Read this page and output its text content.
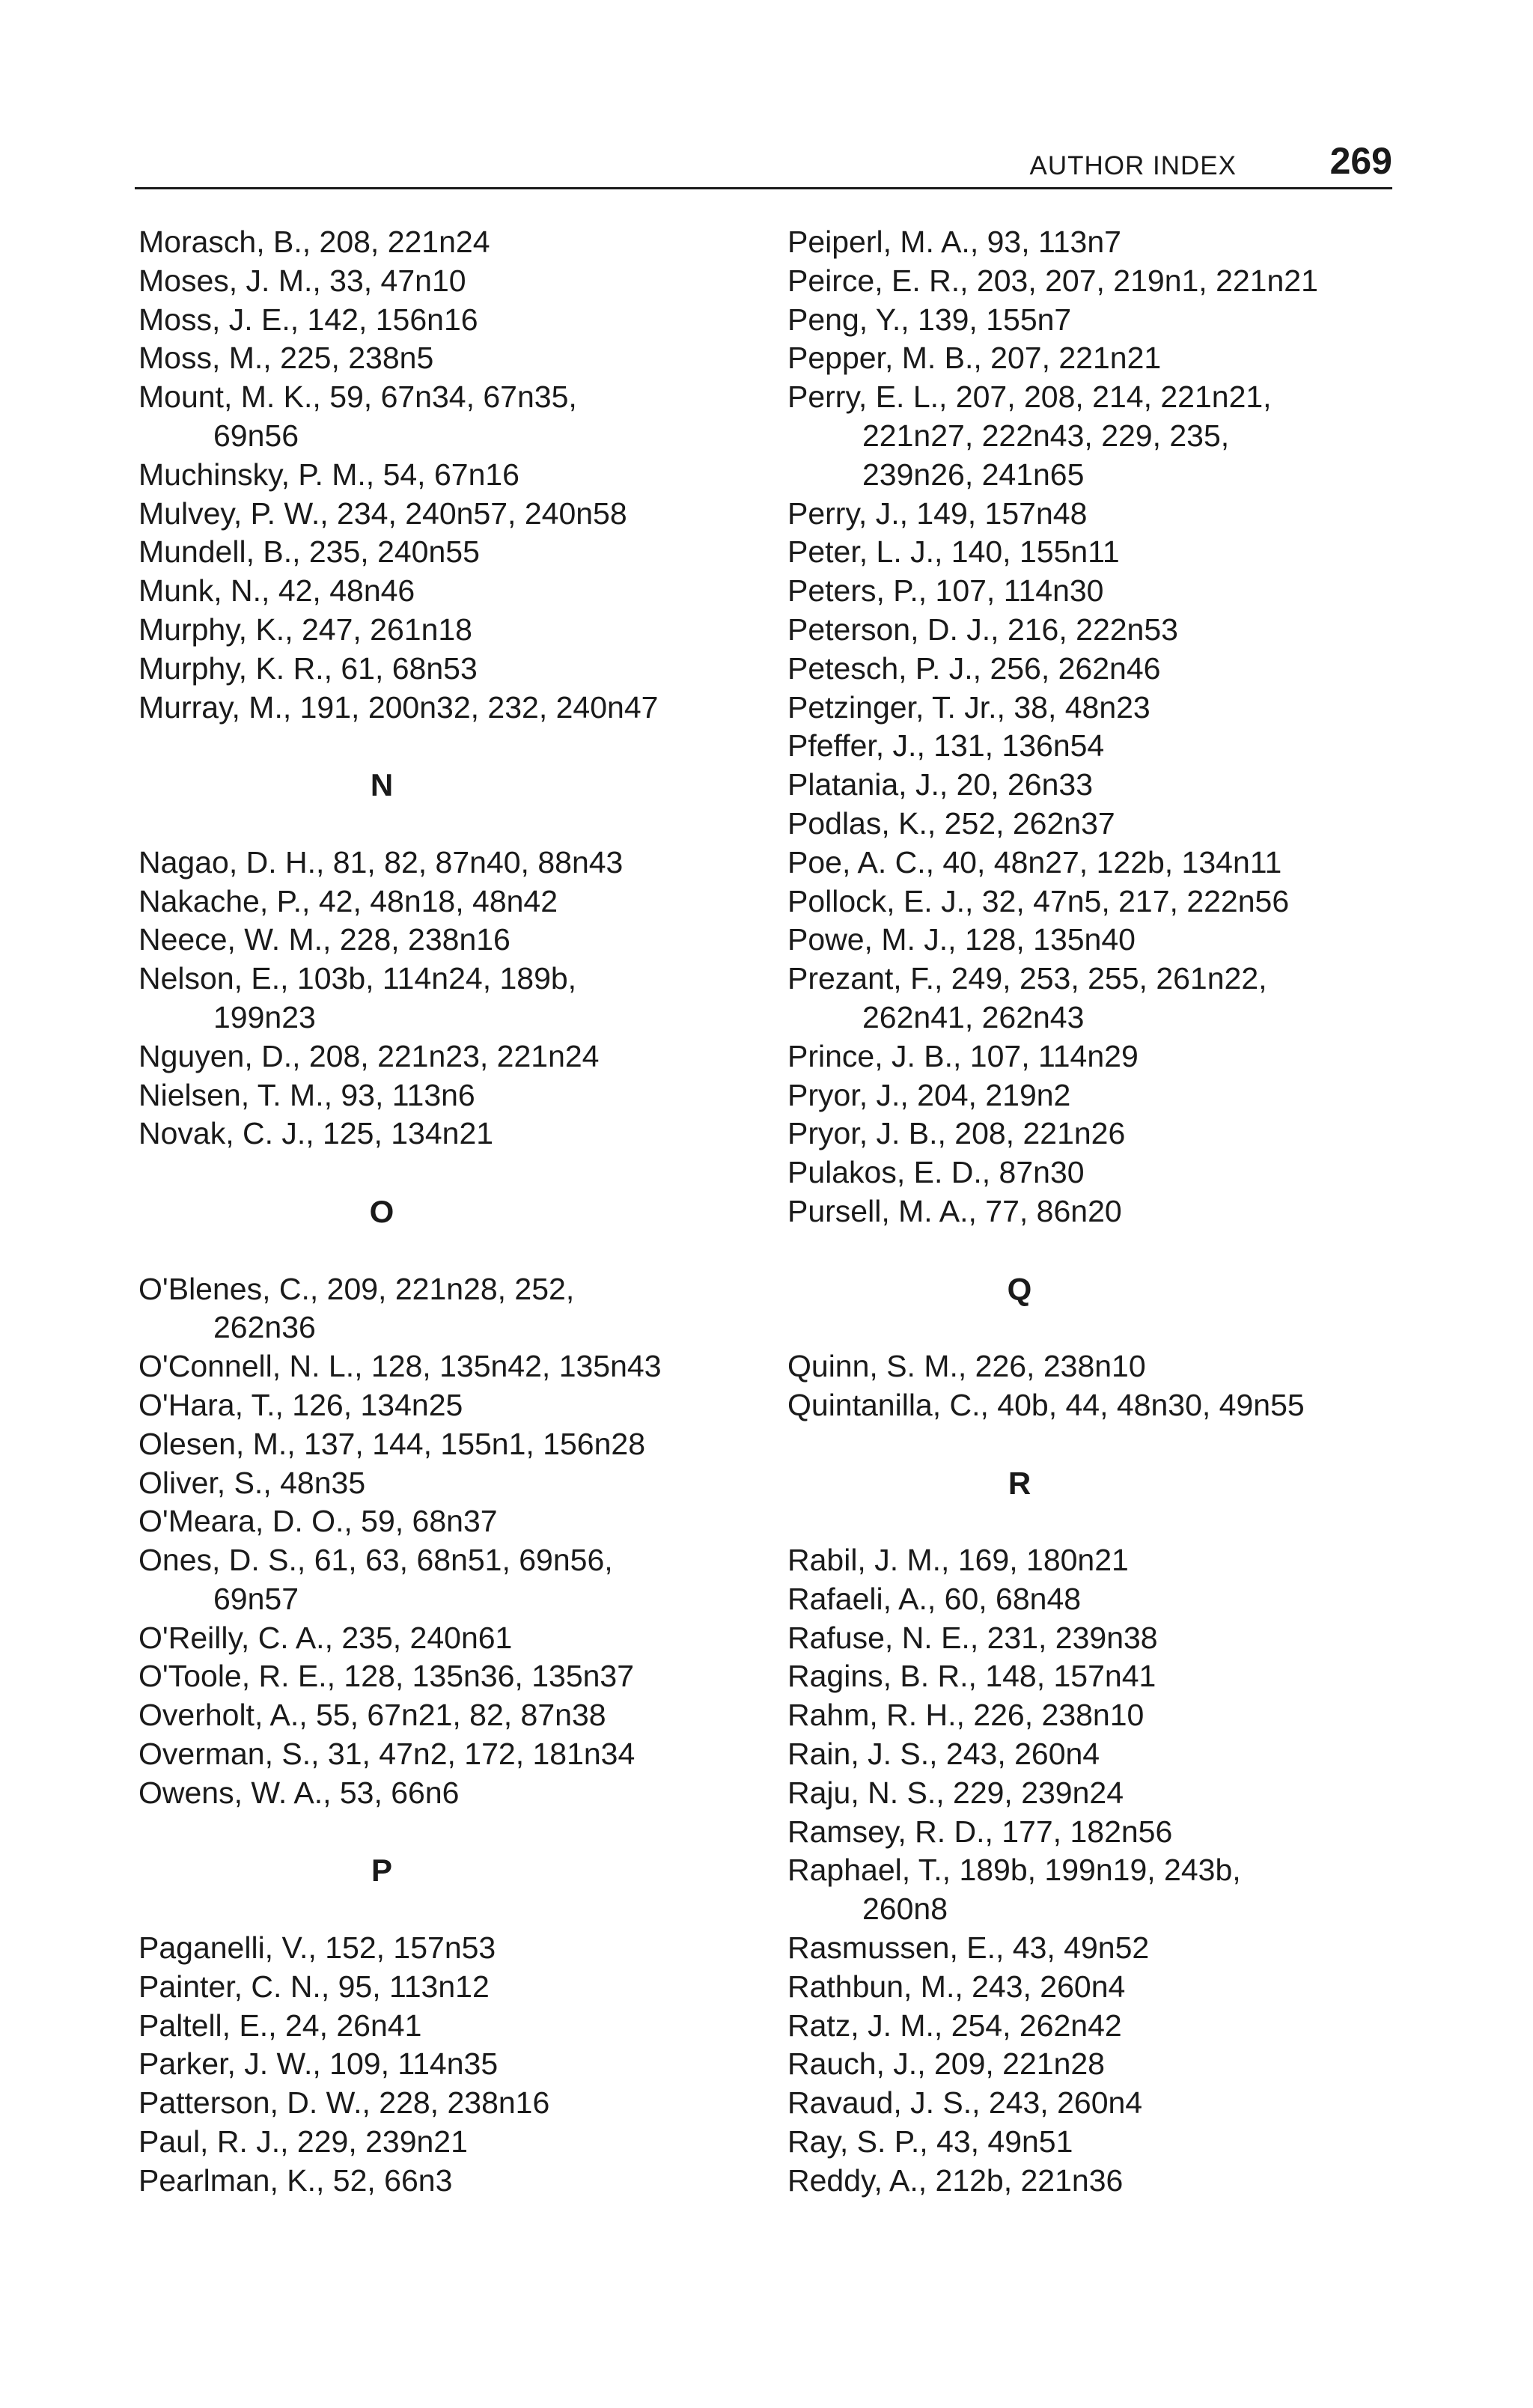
AUTHOR INDEX 269
Morasch, B., 208, 221n24
Moses, J. M., 33, 47n10
Moss, J. E., 142, 156n16
Moss, M., 225, 238n5
Mount, M. K., 59, 67n34, 67n35,
69n56
Muchinsky, P. M., 54, 67n16
Mulvey, P. W., 234, 240n57, 240n58
Mundell, B., 235, 240n55
Munk, N., 42, 48n46
Murphy, K., 247, 261n18
Murphy, K. R., 61, 68n53
Murray, M., 191, 200n32, 232, 240n47
N
Nagao, D. H., 81, 82, 87n40, 88n43
Nakache, P., 42, 48n18, 48n42
Neece, W. M., 228, 238n16
Nelson, E., 103b, 114n24, 189b,
199n23
Nguyen, D., 208, 221n23, 221n24
Nielsen, T. M., 93, 113n6
Novak, C. J., 125, 134n21
O
O'Blenes, C., 209, 221n28, 252,
262n36
O'Connell, N. L., 128, 135n42, 135n43
O'Hara, T., 126, 134n25
Olesen, M., 137, 144, 155n1, 156n28
Oliver, S., 48n35
O'Meara, D. O., 59, 68n37
Ones, D. S., 61, 63, 68n51, 69n56,
69n57
O'Reilly, C. A., 235, 240n61
O'Toole, R. E., 128, 135n36, 135n37
Overholt, A., 55, 67n21, 82, 87n38
Overman, S., 31, 47n2, 172, 181n34
Owens, W. A., 53, 66n6
P
Paganelli, V., 152, 157n53
Painter, C. N., 95, 113n12
Paltell, E., 24, 26n41
Parker, J. W., 109, 114n35
Patterson, D. W., 228, 238n16
Paul, R. J., 229, 239n21
Pearlman, K., 52, 66n3
Peiperl, M. A., 93, 113n7
Peirce, E. R., 203, 207, 219n1, 221n21
Peng, Y., 139, 155n7
Pepper, M. B., 207, 221n21
Perry, E. L., 207, 208, 214, 221n21,
221n27, 222n43, 229, 235,
239n26, 241n65
Perry, J., 149, 157n48
Peter, L. J., 140, 155n11
Peters, P., 107, 114n30
Peterson, D. J., 216, 222n53
Petesch, P. J., 256, 262n46
Petzinger, T. Jr., 38, 48n23
Pfeffer, J., 131, 136n54
Platania, J., 20, 26n33
Podlas, K., 252, 262n37
Poe, A. C., 40, 48n27, 122b, 134n11
Pollock, E. J., 32, 47n5, 217, 222n56
Powe, M. J., 128, 135n40
Prezant, F., 249, 253, 255, 261n22,
262n41, 262n43
Prince, J. B., 107, 114n29
Pryor, J., 204, 219n2
Pryor, J. B., 208, 221n26
Pulakos, E. D., 87n30
Pursell, M. A., 77, 86n20
Q
Quinn, S. M., 226, 238n10
Quintanilla, C., 40b, 44, 48n30, 49n55
R
Rabil, J. M., 169, 180n21
Rafaeli, A., 60, 68n48
Rafuse, N. E., 231, 239n38
Ragins, B. R., 148, 157n41
Rahm, R. H., 226, 238n10
Rain, J. S., 243, 260n4
Raju, N. S., 229, 239n24
Ramsey, R. D., 177, 182n56
Raphael, T., 189b, 199n19, 243b,
260n8
Rasmussen, E., 43, 49n52
Rathbun, M., 243, 260n4
Ratz, J. M., 254, 262n42
Rauch, J., 209, 221n28
Ravaud, J. S., 243, 260n4
Ray, S. P., 43, 49n51
Reddy, A., 212b, 221n36
